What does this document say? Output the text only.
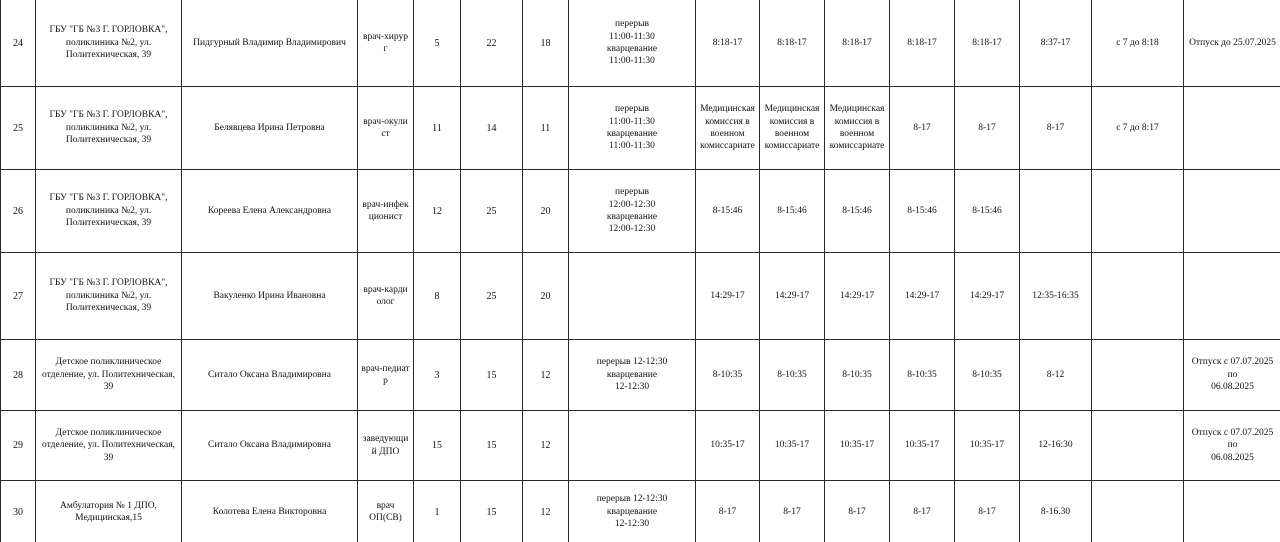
24	ГБУ "ГБ №3 Г. ГОРЛОВКА",
поликлиника №2, ул.
Политехническая, 39	Пидгурный Владимир Владимирович	врач-хирур
г	5	22	18	перерыв
11:00-11:30
кварцевание
11:00-11:30	8:18-17	8:18-17	8:18-17	8:18-17	8:18-17	8:37-17	с 7 до 8:18	Отпуск до 25.07.2025

25	ГБУ "ГБ №3 Г. ГОРЛОВКА",
поликлиника №2, ул.
Политехническая, 39	Белявцева Ирина Петровна	врач-окули
ст	11	14	11	перерыв
11:00-11:30
кварцевание
11:00-11:30	Медицинская
комиссия в
военном
комиссариате	Медицинская
комиссия в
военном
комиссариате	Медицинская
комиссия в
военном
комиссариате	8-17	8-17	8-17	с 7 до 8:17	
26	ГБУ "ГБ №3 Г. ГОРЛОВКА",
поликлиника №2, ул.
Политехническая, 39	Кореева Елена Александровна	врач-инфек
ционист	12	25	20	перерыв
12:00-12:30
кварцевание
12:00-12:30	8-15:46	8-15:46	8-15:46	8-15:46	8-15:46			

27	ГБУ "ГБ №3 Г. ГОРЛОВКА",
поликлиника №2, ул.
Политехническая, 39	Вакуленко Ирина Ивановна	врач-карди
олог	8	25	20		14:29-17	14:29-17	14:29-17	14:29-17	14:29-17	12:35-16:35		

28	Детское поликлиническое
отделение, ул. Политехническая,
39	Ситало Оксана Владимировна	врач-педиат
р	3	15	12	перерыв 12-12:30
кварцевание
12-12:30	8-10:35	8-10:35	8-10:35	8-10:35	8-10:35	8-12		Отпуск с 07.07.2025 по
06.08.2025

29	Детское поликлиническое
отделение, ул. Политехническая,
39	Ситало Оксана Владимировна	заведующи
й ДПО	15	15	12		10:35-17	10:35-17	10:35-17	10:35-17	10:35-17	12-16:30		Отпуск с 07.07.2025 по
06.08.2025

30	Амбулатория № 1 ДПО,
Медицинская,15	Колотева Елена Викторовна	врач
ОП(СВ)	1	15	12	перерыв 12-12:30
кварцевание
12-12:30	8-17	8-17	8-17	8-17	8-17	8-16.30		
